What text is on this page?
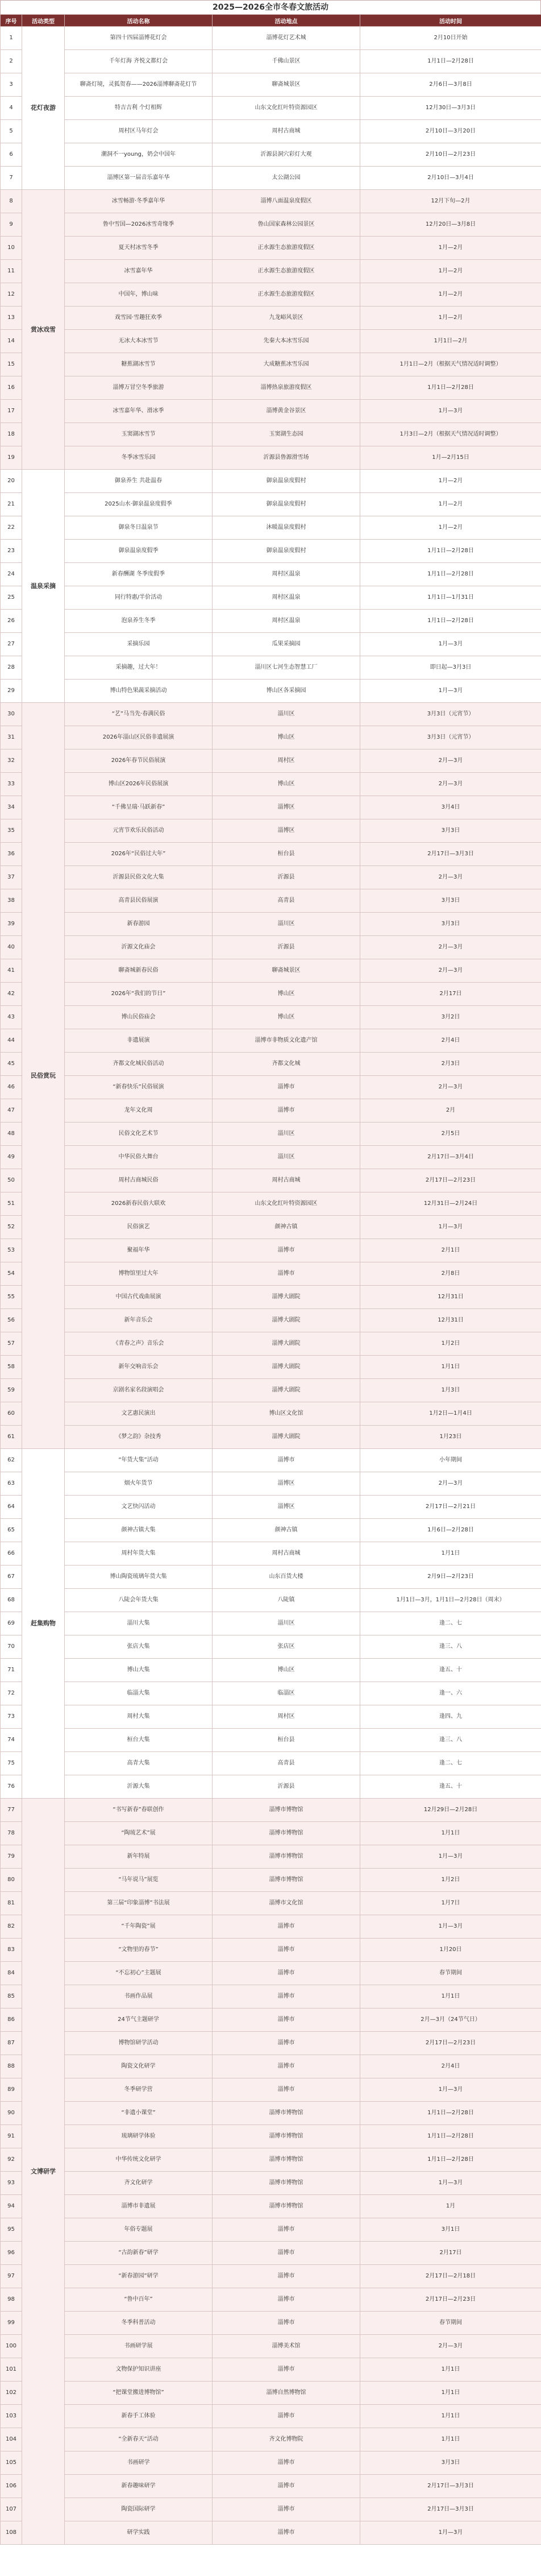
2025—2026全市冬春文旅活动
序号	活动类型	活动名称	活动地点	活动时间
1	花灯夜游	第四十四届淄博花灯会	淄博花灯艺术城	2月10日开始
2		千年灯海 齐悦文都灯会	千佛山景区	1月1日—2月28日
3		聊斋灯境，灵狐贺春——2026淄博聊斋花灯节	聊斋城景区	2月6日—3月8日
4		特吉吉利 个灯相辉	山东文化红叶特资源园区	12月30日—3月3日
5		周村区马年灯会	周村古商城	2月10日—3月20日
6		潮洞不一young，奶会中国年	沂源县洞穴彩灯大观	2月10日—2月23日
7		淄博区第一届音乐嘉年华	太公湖公园	2月10日—3月4日
8	赏冰戏雪	冰雪畅游·冬季嘉年华	淄博八面温泉度假区	12月下旬—2月
9		鲁中雪国—2026冰雪奇缘季	鲁山国家森林公园景区	12月20日—3月8日
10		夏天村冰雪冬季	正水源生态旅游度假区	1月—2月
11		冰雪嘉年华	正水源生态旅游度假区	1月—2月
12		中国年，博山味	正水源生态旅游度假区	1月—2月
13		戏雪园·雪趣狂欢季	九龙峪风景区	1月—2月
14		无冰大本冰雪节	先秦大本冰雪乐园	1月1日—2月
15		糖蕉湖冰雪节	大成糖蕉冰雪乐园	1月1日—2月（根据天气情况适时调整）
16		淄博万冒空冬季旅游	淄博热泉旅游度假区	1月1日—2月28日
17		冰雪嘉年华、滑冰季	淄博黄金谷景区	1月—3月
18		玉窦湖冰雪节	玉窦湖生态园	1月3日—2月（根据天气情况适时调整）
19		冬季冰雪乐园	沂源县鲁源滑雪场	1月—2月15日
20	温泉采摘	御泉养生 共赴温春	御泉温泉度假村	1月—2月
21		2025山水·御泉温泉度假季	御泉温泉度假村	1月—2月
22		御泉冬日温泉节	沐暖温泉度假村	1月—2月
23		御泉温泉度假季	御泉温泉度假村	1月1日—2月28日
24		新春酬湖 冬季度假季	周村区温泉	1月1日—2月28日
25		同行特惠/半价活动	周村区温泉	1月1日—1月31日
26		泡泉养生冬季	周村区温泉	1月1日—2月28日
27		采摘乐园	瓜果采摘园	1月—3月
28		采摘趣，过大年！	淄川区七河生态智慧工厂	即日起—3月3日
29		博山特色果蔬采摘活动	博山区各采摘园	1月—3月
30	民俗赏玩	“艺”马当先·春满民俗	淄川区	3月3日（元宵节）
31		2026年淄山区民俗非遗展演	博山区	3月3日（元宵节）
32		2026年春节民俗展演	周村区	2月—3月
33		博山区2026年民俗展演	博山区	2月—3月
34		“千佛呈瑞·马跃新春”	淄博区	3月4日
35		元宵节欢乐民俗活动	淄博区	3月3日
36		2026年“民俗过大年”	桓台县	2月17日—3月3日
37		沂源县民俗文化大集	沂源县	2月—3月
38		高青县民俗展演	高青县	3月3日
39		新春游园	淄川区	3月3日
40		沂源文化庙会	沂源县	2月—3月
41		聊斋城新春民俗	聊斋城景区	2月—3月
42		2026年“我们的节日”	博山区	2月17日
43		博山民俗庙会	博山区	3月2日
44		非遗展演	淄博市非物质文化遗产馆	2月4日
45		齐都文化城民俗活动	齐都文化城	2月3日
46		“新春快乐”民俗展演	淄博市	2月—3月
47		龙年文化周	淄博市	2月
48		民俗文化艺术节	淄川区	2月5日
49		中华民俗大舞台	淄川区	2月17日—3月4日
50		周村古商城民俗	周村古商城	2月17日—2月23日
51		2026新春民俗大联欢	山东文化红叶特资源园区	12月31日—2月24日
52		民俗演艺	颜神古镇	1月—3月
53		聚福年华	淄博市	2月1日
54		博物馆里过大年	淄博市	2月8日
55		中国古代戏曲展演	淄博大剧院	12月31日
56		新年音乐会	淄博大剧院	12月31日
57		《青春之声》音乐会	淄博大剧院	1月2日
58		新年交响音乐会	淄博大剧院	1月1日
59		京剧名家名段演唱会	淄博大剧院	1月3日
60		文艺惠民演出	博山区文化馆	1月2日—1月4日
61		《梦之韵》杂技秀	淄博大剧院	1月23日
62	赶集购物	“年货大集”活动	淄博市	小年期间
63		烟火年货节	淄博区	2月—3月
64		文艺快闪活动	淄博区	2月17日—2月21日
65		颜神古镇大集	颜神古镇	1月6日—2月28日
66		周村年货大集	周村古商城	1月1日
67		博山陶瓷琉璃年货大集	山东百货大楼	2月9日—2月23日
68		八陡会年货大集	八陡镇	1月1日—3月，1月1日—2月28日（周末）
69		淄川大集	淄川区	逢二、七
70		张店大集	张店区	逢三、八
71		博山大集	博山区	逢五、十
72		临淄大集	临淄区	逢一、六
73		周村大集	周村区	逢四、九
74		桓台大集	桓台县	逢三、八
75		高青大集	高青县	逢二、七
76		沂源大集	沂源县	逢五、十
77	文博研学	“书写新春”春联创作	淄博市博物馆	12月29日—2月28日
78		“陶琉艺术”展	淄博市博物馆	1月1日
79		新年特展	淄博市博物馆	1月—3月
80		“马年说马”展览	淄博市博物馆	1月2日
81		第三届“印象淄博”书法展	淄博市文化馆	1月7日
82		“千年陶瓷”展	淄博市	1月—3月
83		“文物里的春节”	淄博市	1月20日
84		“不忘初心”主题展	淄博市	春节期间
85		书画作品展	淄博市	1月1日
86		24节气主题研学	淄博市	2月—3月（24节气日）
87		博物馆研学活动	淄博市	2月17日—2月23日
88		陶瓷文化研学	淄博市	2月4日
89		冬季研学营	淄博市	1月—3月
90		“非遗小课堂”	淄博市博物馆	1月1日—2月28日
91		琉璃研学体验	淄博市博物馆	1月1日—2月28日
92		中华传统文化研学	淄博市博物馆	1月1日—2月28日
93		齐文化研学	淄博市博物馆	1月—3月
94		淄博市非遗展	淄博市博物馆	1月
95		年俗专题展	淄博市	3月1日
96		“古韵新春”研学	淄博市	2月17日
97		“新春游园”研学	淄博市	2月17日—2月18日
98		“鲁中百年”	淄博市	2月17日—2月23日
99		冬季科普活动	淄博市	春节期间
100		书画研学展	淄博美术馆	2月—3月
101		文物保护知识讲座	淄博市	1月1日
102		“把课堂搬进博物馆”	淄博自然博物馆	1月1日
103		新春手工体验	淄博市	1月1日
104		“全新春天”活动	齐文化博物院	1月1日
105		书画研学	淄博市	3月3日
106		新春趣味研学	淄博市	2月17日—3月3日
107		陶瓷国际研学	淄博市	2月17日—3月3日
108		研学实践	淄博市	1月—3月
